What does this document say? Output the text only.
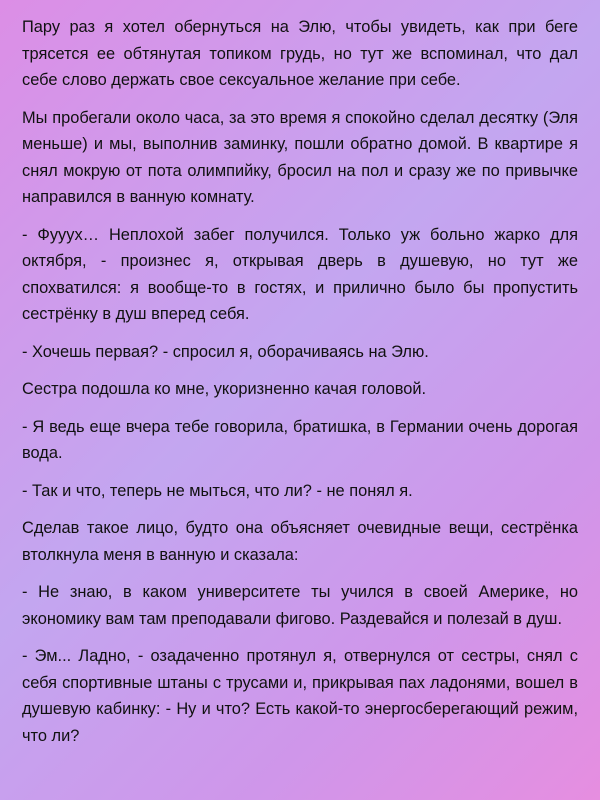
Пару раз я хотел обернуться на Элю, чтобы увидеть, как при беге трясется ее обтянутая топиком грудь, но тут же вспоминал, что дал себе слово держать свое сексуальное желание при себе.

Мы пробегали около часа, за это время я спокойно сделал десятку (Эля меньше) и мы, выполнив заминку, пошли обратно домой. В квартире я снял мокрую от пота олимпийку, бросил на пол и сразу же по привычке направился в ванную комнату.

- Фууух… Неплохой забег получился. Только уж больно жарко для октября, - произнес я, открывая дверь в душевую, но тут же спохватился: я вообще-то в гостях, и прилично было бы пропустить сестрёнку в душ вперед себя.

- Хочешь первая? - спросил я, оборачиваясь на Элю.

Сестра подошла ко мне, укоризненно качая головой.

- Я ведь еще вчера тебе говорила, братишка, в Германии очень дорогая вода.

- Так и что, теперь не мыться, что ли? - не понял я.

Сделав такое лицо, будто она объясняет очевидные вещи, сестрёнка втолкнула меня в ванную и сказала:

- Не знаю, в каком университете ты учился в своей Америке, но экономику вам там преподавали фигово. Раздевайся и полезай в душ.

- Эм... Ладно, - озадаченно протянул я, отвернулся от сестры, снял с себя спортивные штаны с трусами и, прикрывая пах ладонями, вошел в душевую кабинку: - Ну и что? Есть какой-то энергосберегающий режим, что ли?
